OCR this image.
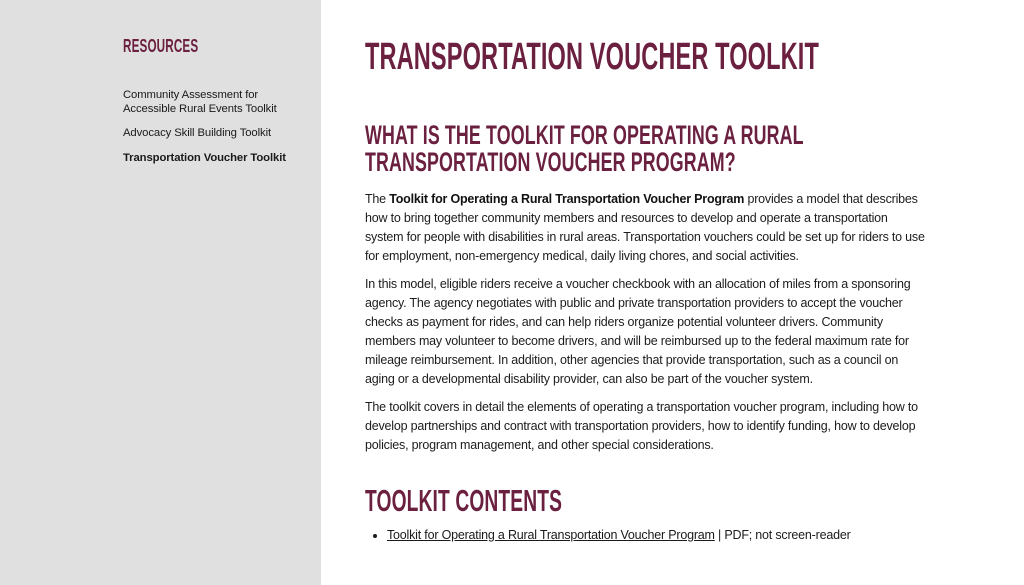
RESOURCES
Community Assessment for Accessible Rural Events Toolkit
Advocacy Skill Building Toolkit
Transportation Voucher Toolkit
TRANSPORTATION VOUCHER TOOLKIT
WHAT IS THE TOOLKIT FOR OPERATING A RURAL TRANSPORTATION VOUCHER PROGRAM?

The Toolkit for Operating a Rural Transportation Voucher Program provides a model that describes how to bring together community members and resources to develop and operate a transportation system for people with disabilities in rural areas. Transportation vouchers could be set up for riders to use for employment, non-emergency medical, daily living chores, and social activities.

In this model, eligible riders receive a voucher checkbook with an allocation of miles from a sponsoring agency. The agency negotiates with public and private transportation providers to accept the voucher checks as payment for rides, and can help riders organize potential volunteer drivers. Community members may volunteer to become drivers, and will be reimbursed up to the federal maximum rate for mileage reimbursement. In addition, other agencies that provide transportation, such as a council on aging or a developmental disability provider, can also be part of the voucher system.

The toolkit covers in detail the elements of operating a transportation voucher program, including how to develop partnerships and contract with transportation providers, how to identify funding, how to develop policies, program management, and other special considerations.

TOOLKIT CONTENTS
• Toolkit for Operating a Rural Transportation Voucher Program | PDF; not screen-reader
